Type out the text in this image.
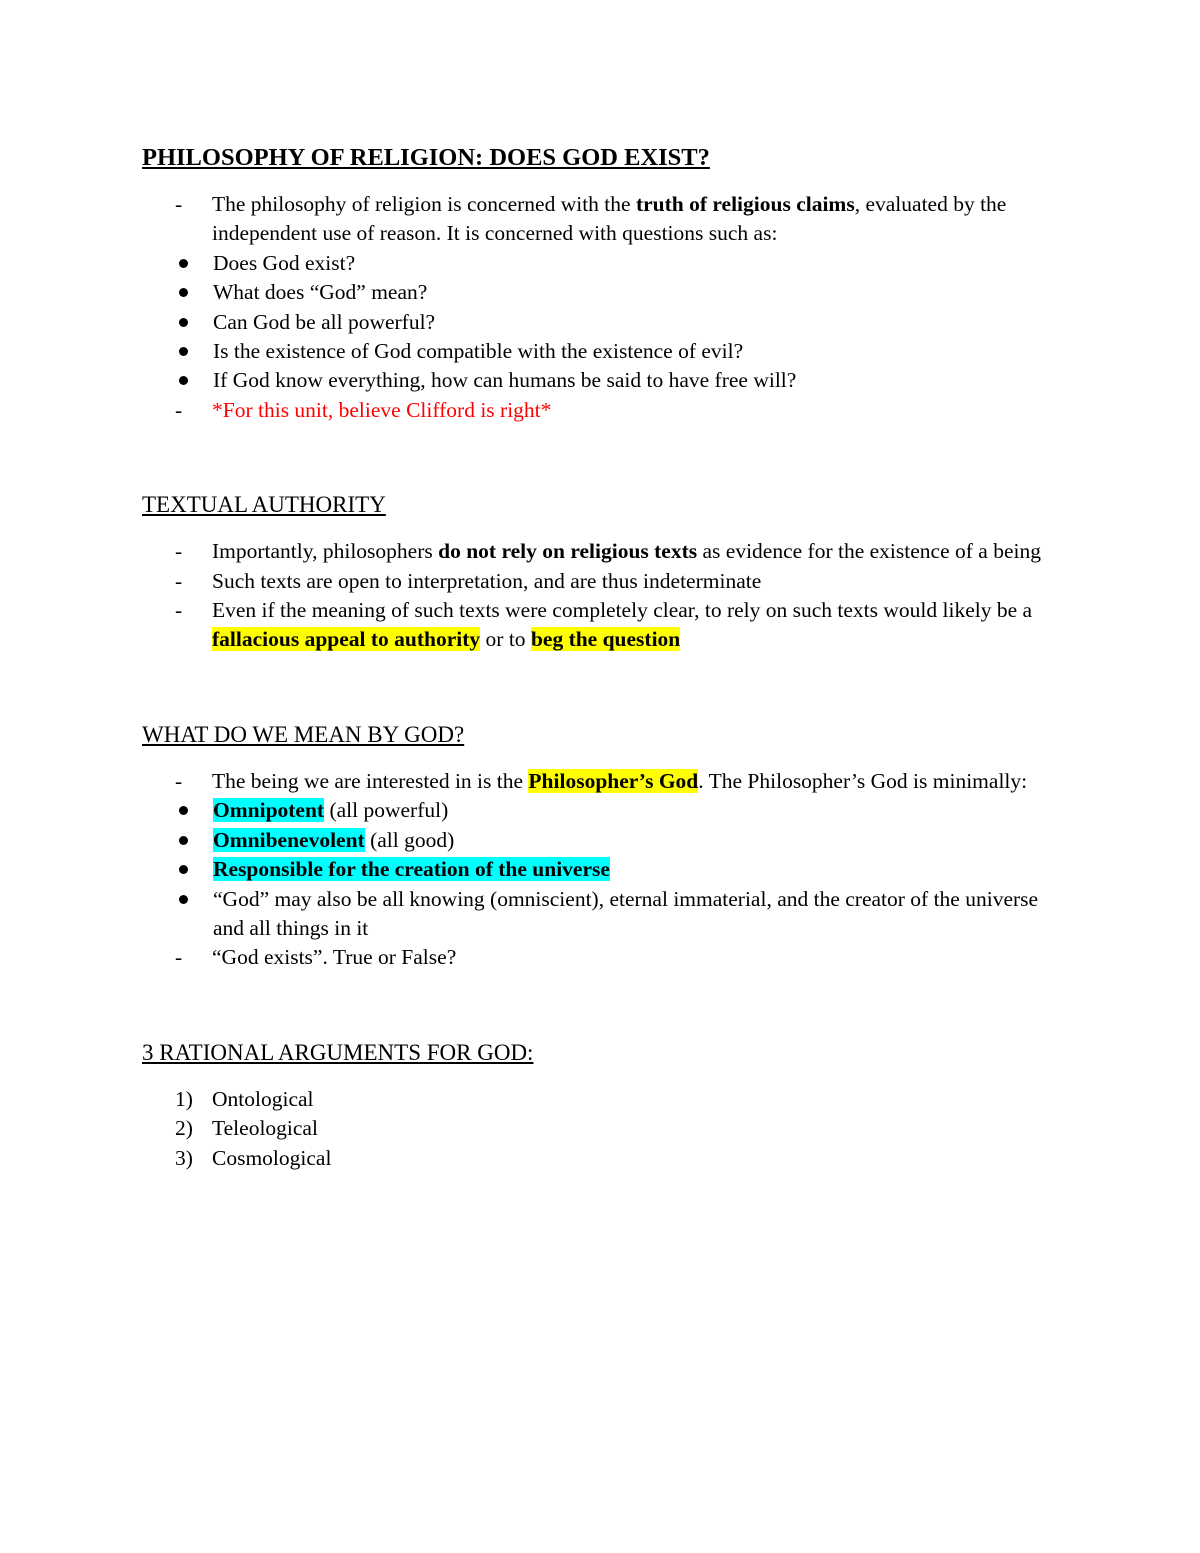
PHILOSOPHY OF RELIGION: DOES GOD EXIST?
- The philosophy of religion is concerned with the truth of religious claims, evaluated by the independent use of reason. It is concerned with questions such as:
Does God exist?
What does “God” mean?
Can God be all powerful?
Is the existence of God compatible with the existence of evil?
If God know everything, how can humans be said to have free will?
- *For this unit, believe Clifford is right*
TEXTUAL AUTHORITY
- Importantly, philosophers do not rely on religious texts as evidence for the existence of a being
- Such texts are open to interpretation, and are thus indeterminate
- Even if the meaning of such texts were completely clear, to rely on such texts would likely be a fallacious appeal to authority or to beg the question
WHAT DO WE MEAN BY GOD?
- The being we are interested in is the Philosopher’s God. The Philosopher’s God is minimally:
Omnipotent (all powerful)
Omnibenevolent (all good)
Responsible for the creation of the universe
“God” may also be all knowing (omniscient), eternal immaterial, and the creator of the universe and all things in it
- “God exists”. True or False?
3 RATIONAL ARGUMENTS FOR GOD:
1) Ontological
2) Teleological
3) Cosmological
